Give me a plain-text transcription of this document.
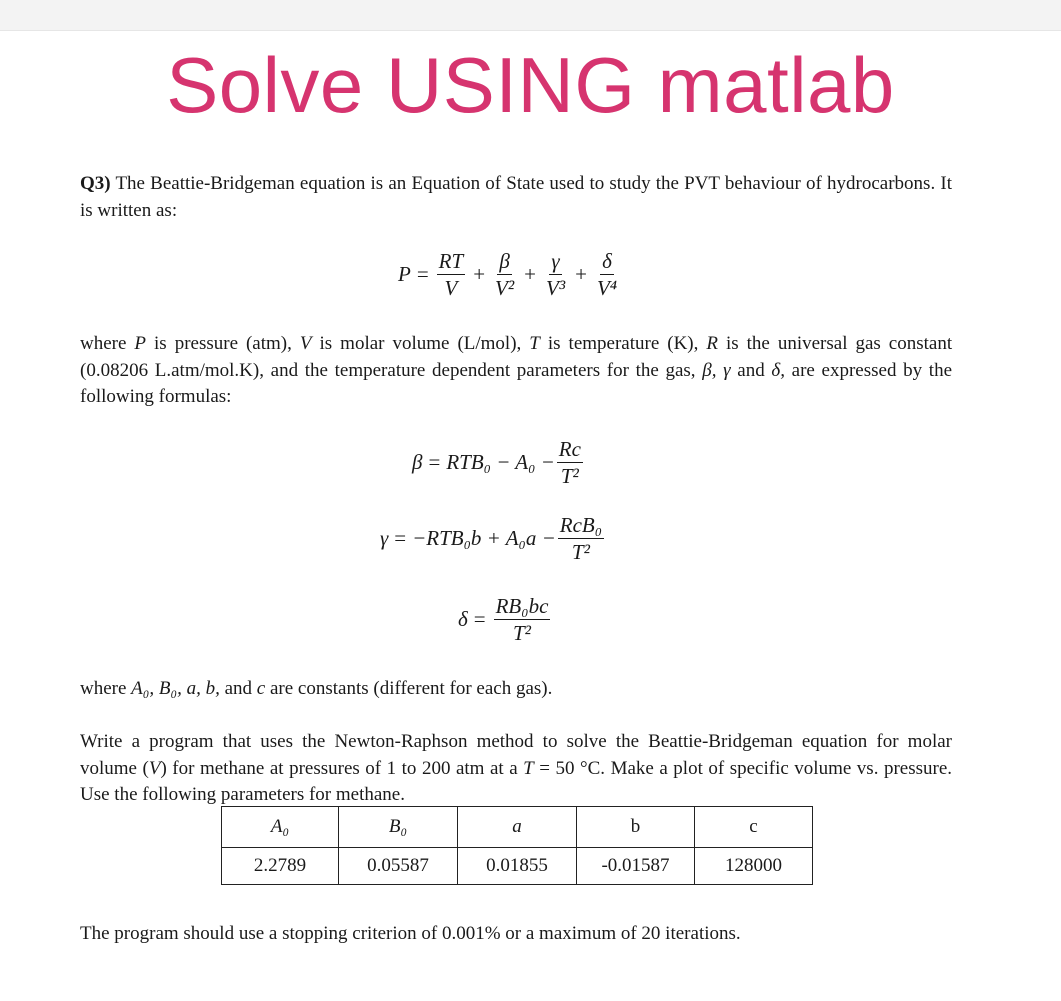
Solve USING matlab
Q3) The Beattie-Bridgeman equation is an Equation of State used to study the PVT behaviour of hydrocarbons. It is written as:
$P = \frac{RT}{V} + \frac{\beta}{\text{V²}} + \frac{\gamma}{\text{V³}} + \frac{\delta}{\text{V⁴}}$
where P is pressure (atm), V is molar volume (L/mol), T is temperature (K), R is the universal gas constant (0.08206 L.atm/mol.K), and the temperature dependent parameters for the gas, β, γ and δ, are expressed by the following formulas:
$\beta = RTB_0 - A_0 - \frac{Rc}{\text{T²}}$
$\gamma = -RTB_0b + A_0a - \frac{\text{RcB₀}}{\text{T²}}$
$\delta = \frac{\text{RB₀bc}}{\text{T²}}$
where A₀, B₀, a, b, and c are constants (different for each gas).
Write a program that uses the Newton-Raphson method to solve the Beattie-Bridgeman equation for molar volume (V) for methane at pressures of 1 to 200 atm at a T = 50 °C. Make a plot of specific volume vs. pressure. Use the following parameters for methane.
A₀	B₀	a	b	c
2.2789	0.05587	0.01855	-0.01587	128000
The program should use a stopping criterion of 0.001% or a maximum of 20 iterations.
